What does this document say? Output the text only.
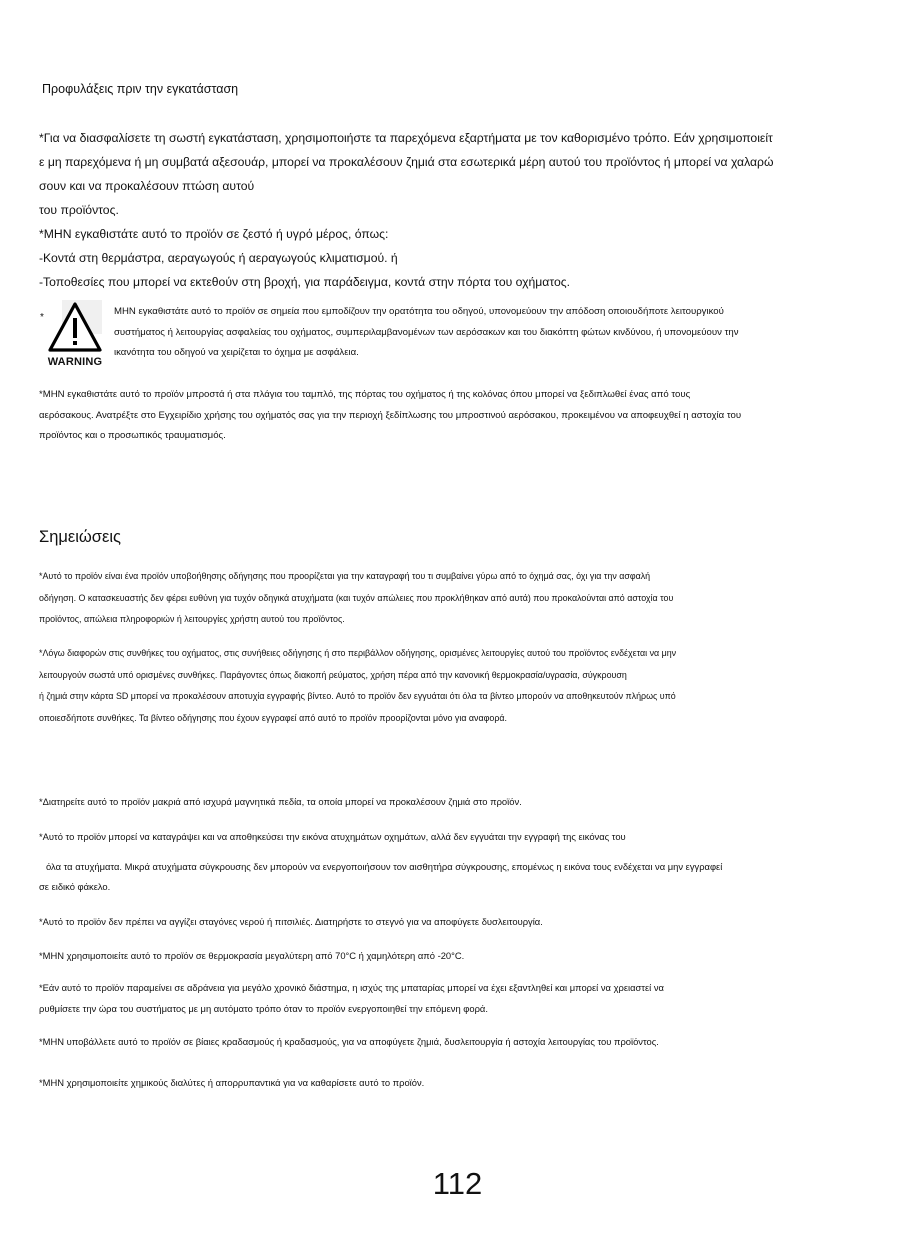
Προφυλάξεις πριν την εγκατάσταση
*Για να διασφαλίσετε τη σωστή εγκατάσταση, χρησιμοποιήστε τα παρεχόμενα εξαρτήματα με τον καθορισμένο τρόπο. Εάν χρησιμοποιείτ
ε μη παρεχόμενα ή μη συμβατά αξεσουάρ, μπορεί να προκαλέσουν ζημιά στα εσωτερικά μέρη αυτού του προϊόντος ή μπορεί να χαλαρώ
σουν και να προκαλέσουν πτώση αυτού
του προϊόντος.
*ΜΗΝ εγκαθιστάτε αυτό το προϊόν σε ζεστό ή υγρό μέρος, όπως:
-Κοντά στη θερμάστρα, αεραγωγούς ή αεραγωγούς κλιματισμού. ή
-Τοποθεσίες που μπορεί να εκτεθούν στη βροχή, για παράδειγμα, κοντά στην πόρτα του οχήματος.
*
WARNING
ΜΗΝ εγκαθιστάτε αυτό το προϊόν σε σημεία που εμποδίζουν την ορατότητα του οδηγού, υπονομεύουν την απόδοση οποιουδήποτε λειτουργικού
συστήματος ή λειτουργίας ασφαλείας του οχήματος, συμπεριλαμβανομένων των αερόσακων και του διακόπτη φώτων κινδύνου, ή υπονομεύουν την
ικανότητα του οδηγού να χειρίζεται το όχημα με ασφάλεια.
*ΜΗΝ εγκαθιστάτε αυτό το προϊόν μπροστά ή στα πλάγια του ταμπλό, της πόρτας του οχήματος ή της κολόνας όπου μπορεί να ξεδιπλωθεί ένας από τους
αερόσακους. Ανατρέξτε στο Εγχειρίδιο χρήσης του οχήματός σας για την περιοχή ξεδίπλωσης του μπροστινού αερόσακου, προκειμένου να αποφευχθεί η αστοχία του
προϊόντος και ο προσωπικός τραυματισμός.
Σημειώσεις
*Αυτό το προϊόν είναι ένα προϊόν υποβοήθησης οδήγησης που προορίζεται για την καταγραφή του τι συμβαίνει γύρω από το όχημά σας, όχι για την ασφαλή
οδήγηση. Ο κατασκευαστής δεν φέρει ευθύνη για τυχόν οδηγικά ατυχήματα (και τυχόν απώλειες που προκλήθηκαν από αυτά) που προκαλούνται από αστοχία του
προϊόντος, απώλεια πληροφοριών ή λειτουργίες χρήστη αυτού του προϊόντος.
*Λόγω διαφορών στις συνθήκες του οχήματος, στις συνήθειες οδήγησης ή στο περιβάλλον οδήγησης, ορισμένες λειτουργίες αυτού του προϊόντος ενδέχεται να μην
λειτουργούν σωστά υπό ορισμένες συνθήκες. Παράγοντες όπως διακοπή ρεύματος, χρήση πέρα από την κανονική θερμοκρασία/υγρασία, σύγκρουση
ή ζημιά στην κάρτα SD μπορεί να προκαλέσουν αποτυχία εγγραφής βίντεο. Αυτό το προϊόν δεν εγγυάται ότι όλα τα βίντεο μπορούν να αποθηκευτούν πλήρως υπό
οποιεσδήποτε συνθήκες. Τα βίντεο οδήγησης που έχουν εγγραφεί από αυτό το προϊόν προορίζονται μόνο για αναφορά.
*Διατηρείτε αυτό το προϊόν μακριά από ισχυρά μαγνητικά πεδία, τα οποία μπορεί να προκαλέσουν ζημιά στο προϊόν.
*Αυτό το προϊόν μπορεί να καταγράψει και να αποθηκεύσει την εικόνα ατυχημάτων οχημάτων, αλλά δεν εγγυάται την εγγραφή της εικόνας του
όλα τα ατυχήματα. Μικρά ατυχήματα σύγκρουσης δεν μπορούν να ενεργοποιήσουν τον αισθητήρα σύγκρουσης, επομένως η εικόνα τους ενδέχεται να μην εγγραφεί
σε ειδικό φάκελο.
*Αυτό το προϊόν δεν πρέπει να αγγίζει σταγόνες νερού ή πιτσιλιές. Διατηρήστε το στεγνό για να αποφύγετε δυσλειτουργία.
*ΜΗΝ χρησιμοποιείτε αυτό το προϊόν σε θερμοκρασία μεγαλύτερη από 70°C ή χαμηλότερη από -20°C.
*Εάν αυτό το προϊόν παραμείνει σε αδράνεια για μεγάλο χρονικό διάστημα, η ισχύς της μπαταρίας μπορεί να έχει εξαντληθεί και μπορεί να χρειαστεί να
ρυθμίσετε την ώρα του συστήματος με μη αυτόματο τρόπο όταν το προϊόν ενεργοποιηθεί την επόμενη φορά.
*ΜΗΝ υποβάλλετε αυτό το προϊόν σε βίαιες κραδασμούς ή κραδασμούς, για να αποφύγετε ζημιά, δυσλειτουργία ή αστοχία λειτουργίας του προϊόντος.
*ΜΗΝ χρησιμοποιείτε χημικούς διαλύτες ή απορρυπαντικά για να καθαρίσετε αυτό το προϊόν.
112
